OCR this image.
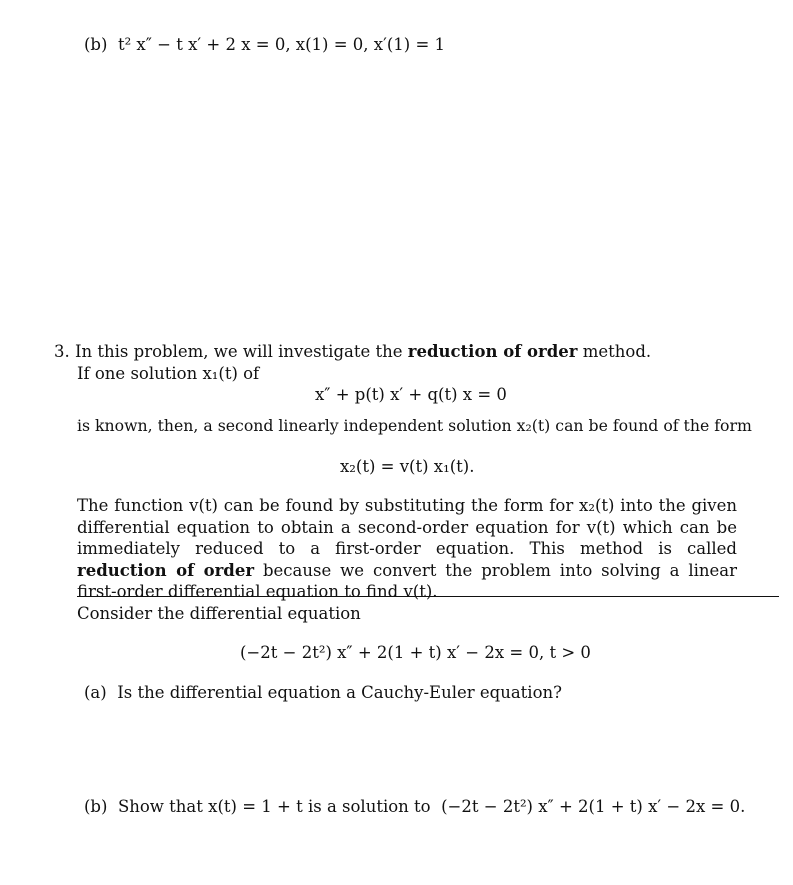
(b) t² x″ − t x′ + 2 x = 0, x(1) = 0, x′(1) = 1
3. In this problem, we will investigate the reduction of order method.
If one solution x₁(t) of
x″ + p(t) x′ + q(t) x = 0
is known, then, a second linearly independent solution x₂(t) can be found of the form
x₂(t) = v(t) x₁(t).
The function v(t) can be found by substituting the form for x₂(t) into the given differential equation to obtain a second-order equation for v(t) which can be immediately reduced to a first-order equation. This method is called reduction of order because we convert the problem into solving a linear first-order differential equation to find v(t).
Consider the differential equation
(−2t − 2t²) x″ + 2(1 + t) x′ − 2x = 0, t > 0
(a) Is the differential equation a Cauchy-Euler equation?
(b) Show that x(t) = 1 + t is a solution to (−2t − 2t²) x″ + 2(1 + t) x′ − 2x = 0.
